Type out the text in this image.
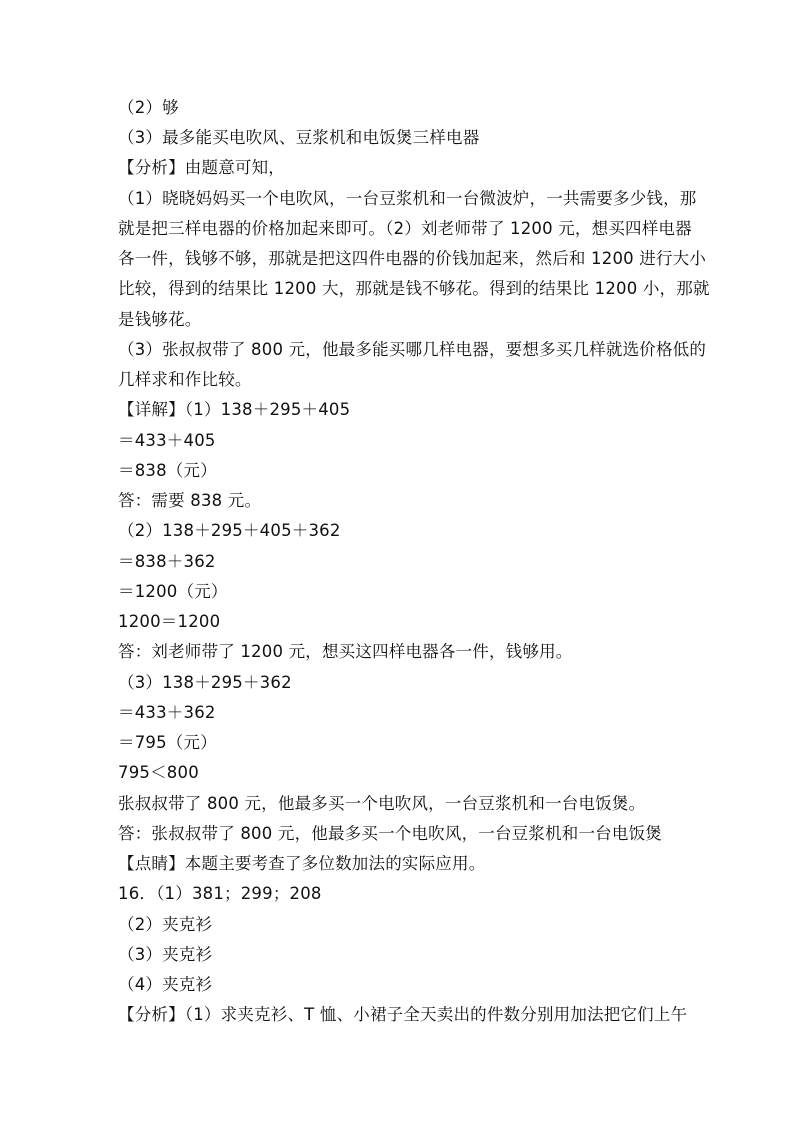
（2）够
（3）最多能买电吹风、豆浆机和电饭煲三样电器
【分析】由题意可知，
（1）晓晓妈妈买一个电吹风，一台豆浆机和一台微波炉，一共需要多少钱，那
就是把三样电器的价格加起来即可。（2）刘老师带了 1200 元，想买四样电器
各一件，钱够不够，那就是把这四件电器的价钱加起来，然后和 1200 进行大小
比较，得到的结果比 1200 大，那就是钱不够花。得到的结果比 1200 小，那就
是钱够花。
（3）张叔叔带了 800 元，他最多能买哪几样电器，要想多买几样就选价格低的
几样求和作比较。
【详解】（1）138＋295＋405
＝433＋405
＝838（元）
答：需要 838 元。
（2）138＋295＋405＋362
＝838＋362
＝1200（元）
1200＝1200
答：刘老师带了 1200 元，想买这四样电器各一件，钱够用。
（3）138＋295＋362
＝433＋362
＝795（元）
795＜800
张叔叔带了 800 元，他最多买一个电吹风，一台豆浆机和一台电饭煲。
答：张叔叔带了 800 元，他最多买一个电吹风，一台豆浆机和一台电饭煲
【点睛】本题主要考查了多位数加法的实际应用。
16．（1）381；299；208
（2）夹克衫
（3）夹克衫
（4）夹克衫
【分析】（1）求夹克衫、T 恤、小裙子全天卖出的件数分别用加法把它们上午
